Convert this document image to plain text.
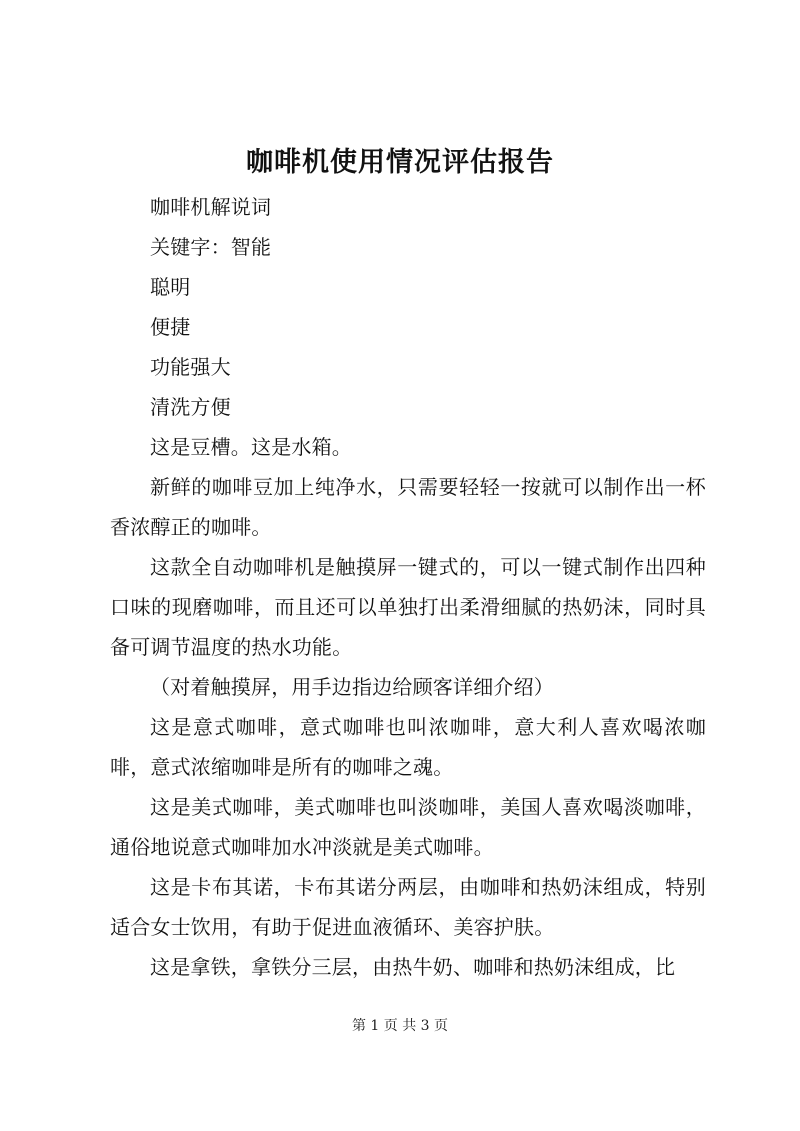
咖啡机使用情况评估报告

咖啡机解说词

关键字：智能

聪明

便捷

功能强大

清洗方便

这是豆槽。这是水箱。

新鲜的咖啡豆加上纯净水，只需要轻轻一按就可以制作出一杯香浓醇正的咖啡。

这款全自动咖啡机是触摸屏一键式的，可以一键式制作出四种口味的现磨咖啡，而且还可以单独打出柔滑细腻的热奶沫，同时具备可调节温度的热水功能。

（对着触摸屏，用手边指边给顾客详细介绍）

这是意式咖啡，意式咖啡也叫浓咖啡，意大利人喜欢喝浓咖啡，意式浓缩咖啡是所有的咖啡之魂。

这是美式咖啡，美式咖啡也叫淡咖啡，美国人喜欢喝淡咖啡，通俗地说意式咖啡加水冲淡就是美式咖啡。

这是卡布其诺，卡布其诺分两层，由咖啡和热奶沫组成，特别适合女士饮用，有助于促进血液循环、美容护肤。

这是拿铁，拿铁分三层，由热牛奶、咖啡和热奶沫组成，比

第 1 页 共 3 页
